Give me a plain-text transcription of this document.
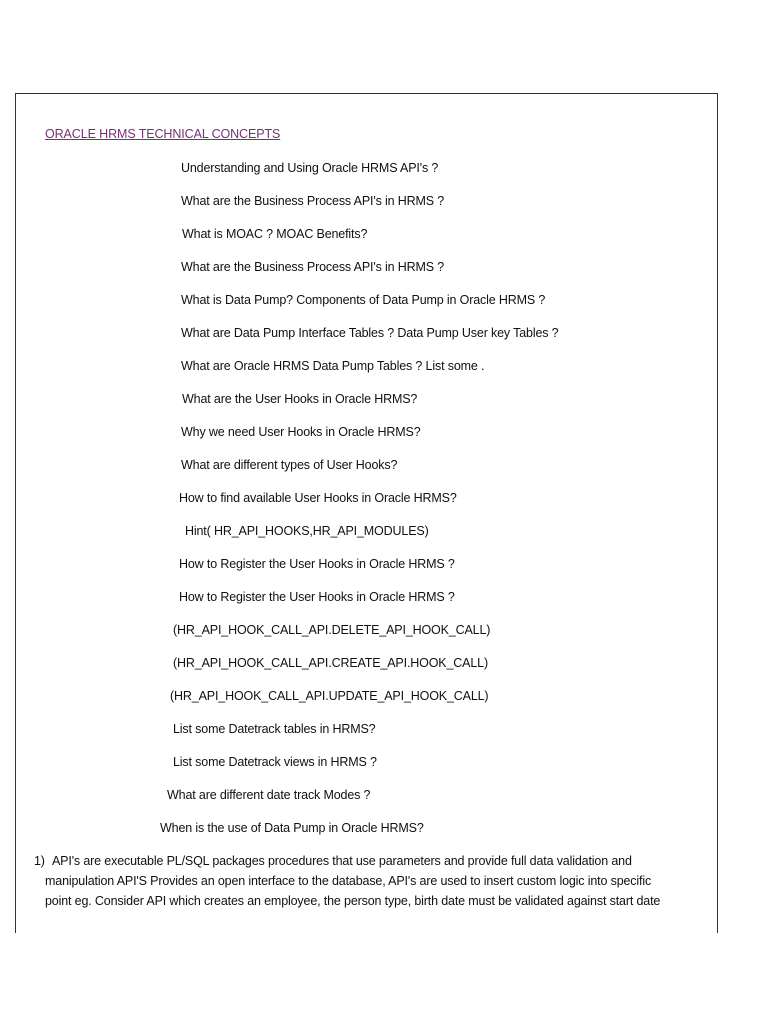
ORACLE HRMS TECHNICAL CONCEPTS
Understanding and Using Oracle HRMS API's ?
What are the Business Process API's in HRMS ?
What is MOAC ? MOAC Benefits?
What are the Business Process API's in HRMS ?
What is Data Pump? Components of Data Pump in Oracle HRMS ?
What are Data Pump Interface Tables ? Data Pump User key Tables ?
What are Oracle HRMS Data Pump Tables ? List some .
What are the User Hooks in Oracle HRMS?
Why we need User Hooks in Oracle HRMS?
What are different types of User Hooks?
How to find available User Hooks in Oracle HRMS?
Hint( HR_API_HOOKS,HR_API_MODULES)
How to Register the User Hooks in Oracle HRMS ?
How to Register the User Hooks in Oracle HRMS ?
(HR_API_HOOK_CALL_API.DELETE_API_HOOK_CALL)
(HR_API_HOOK_CALL_API.CREATE_API.HOOK_CALL)
(HR_API_HOOK_CALL_API.UPDATE_API_HOOK_CALL)
List some Datetrack tables in HRMS?
List some Datetrack views in HRMS ?
What are different date track Modes ?
When is the use of Data Pump in Oracle HRMS?
1) API's are executable PL/SQL packages procedures that use parameters and provide full data validation and
manipulation API'S Provides an open interface to the database, API's are used to insert custom logic into specific
point eg. Consider API which creates an employee, the person type, birth date must be validated against start date
